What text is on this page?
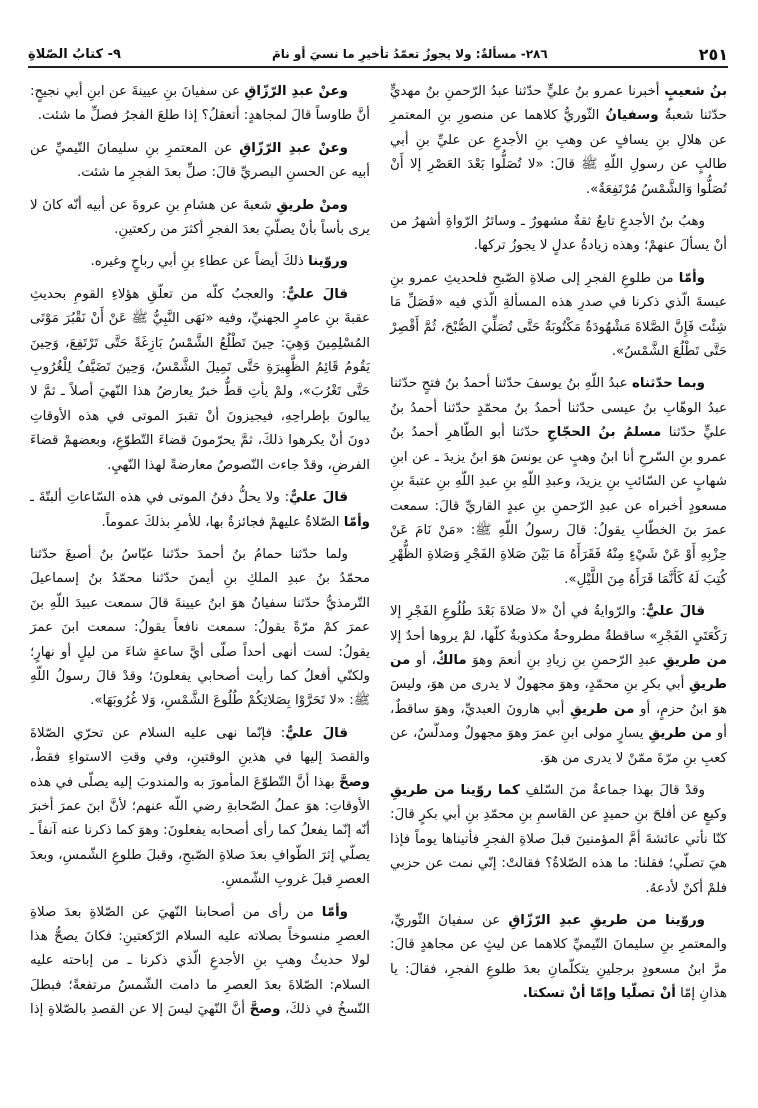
٢٥١
٢٨٦- مسألةٌ: ولا يجوزُ تعمّدُ تأخيرِ ما نسيَ أو نامَ
٩- كتابُ الصّلاةِ

بنُ شعيبٍ أخبرنا عمرو بنُ عليٍّ حدّثنا عبدُ الرّحمنِ بنُ مهديٍّ حدّثنا شعبةُ وسفيانُ الثّوريُّ كلاهما عن منصورِ بنِ المعتمرِ عن هلالِ بنِ يسافٍ عن وهبِ بنِ الأجدعِ عن عليِّ بنِ أبي طالبٍ عن رسولِ اللّهِ ﷺ قالَ: «لا تُصَلُّوا بَعْدَ العَصْرِ إلا أَنْ تُصَلُّوا وَالشَّمْسُ مُرْتَفِعَةٌ».

وهبُ بنُ الأجدعِ تابعٌ ثقةٌ مشهورٌ ـ وسائرُ الرّواةِ أشهرُ من أنْ يسألَ عنهمْ؛ وهذه زيادةُ عدلٍ لا يجوزُ تركها.

وأمّا من طلوعِ الفجرِ إلى صلاةِ الصّبحِ فلحديثِ عمرو بنِ عبسةَ الّذي ذكرنا في صدرِ هذه المسألةِ الّذي فيه «فَصَلِّ مَا شِئْتَ فَإِنَّ الصَّلاةَ مَشْهُودَةٌ مَكْتُوبَةٌ حَتَّى تُصَلِّيَ الصُّبْحَ، ثُمَّ أَقْصِرْ حَتَّى تَطْلُعَ الشَّمْسُ».

وبما حدّثناه عبدُ اللّهِ بنُ يوسفَ حدّثنا أحمدُ بنُ فتحٍ حدّثنا عبدُ الوهّابِ بنُ عيسى حدّثنا أحمدُ بنُ محمّدٍ حدّثنا أحمدُ بنُ عليٍّ حدّثنا مسلمُ بنُ الحجّاجِ حدّثنا أبو الطّاهرِ أحمدُ بنُ عمرو بنِ السّرحِ أنا ابنُ وهبٍ عن يونسَ هوَ ابنُ يزيدَ ـ عن ابنِ شهابٍ عن السّائبِ بنِ يزيدَ، وعبدِ اللّهِ بنِ عبدِ اللّهِ بنِ عتبةَ بنِ مسعودٍ أخبراه عن عبدِ الرّحمنِ بنِ عبدٍ القاريِّ قالَ: سمعت عمرَ بنَ الخطّابِ يقولُ: قالَ رسولُ اللّهِ ﷺ: «مَنْ نَامَ عَنْ حِزْبِهِ أَوْ عَنْ شَيْءٍ مِنْهُ فَقَرَأَهُ مَا بَيْنَ صَلاةِ الفَجْرِ وَصَلاةِ الظُّهْرِ كُتِبَ لَهُ كَأَنَّمَا قَرَأَهُ مِنَ اللَّيْلِ».

قالَ عليٌّ: والرّوايةُ في أنْ «لا صَلاةَ بَعْدَ طُلُوعِ الفَجْرِ إلا رَكْعَتَيِ الفَجْرِ» ساقطةٌ مطروحةٌ مكذوبةٌ كلّها، لمْ يروها أحدٌ إلا من طريقِ عبدِ الرّحمنِ بنِ زيادِ بنِ أنعمَ وهوَ مالكٌ، أو من طريقِ أبي بكرِ بنِ محمّدٍ، وهوَ مجهولٌ لا يدرى من هوَ، وليسَ هوَ ابنُ حزمٍ، أو من طريقِ أبي هارونَ العبديِّ، وهوَ ساقطٌ، أو من طريقِ يسارٍ مولى ابنِ عمرَ وهوَ مجهولٌ ومدلّسٌ، عن كعبِ بنِ مرّةَ ممّنْ لا يدرى من هوَ.

وقدْ قالَ بهذا جماعةٌ منَ السّلفِ كما روّينا من طريقِ وكيعٍ عن أفلحَ بنِ حميدٍ عن القاسمِ بنِ محمّدِ بنِ أبي بكرٍ قالَ: كنّا نأتي عائشةَ أمَّ المؤمنينَ قبلَ صلاةِ الفجرِ فأتيناها يوماً فإذا هيَ تصلّي؛ فقلنا: ما هذه الصّلاةُ؟ فقالتْ: إنّي نمت عن حزبي فلمْ أكنْ لأدعهُ.

وروّينا من طريقِ عبدِ الرّزّاقِ عن سفيانَ الثّوريِّ، والمعتمرِ بنِ سليمانَ التّيميِّ كلاهما عن ليثٍ عن مجاهدٍ قالَ: مرَّ ابنُ مسعودٍ برجلينِ يتكلّمانِ بعدَ طلوعِ الفجرِ، فقالَ: يا هذانِ إمّا أنْ تصلّيا وإمّا أنْ تسكتا.

وعنْ عبدِ الرّزّاقِ عن سفيانَ بنِ عيينةَ عن ابنِ أبي نجيحٍ: أنَّ طاوساً قالَ لمجاهدٍ: أتعقلُ؟ إذا طلعَ الفجرُ فصلِّ ما شئت.

وعنْ عبدِ الرّزّاقِ عن المعتمرِ بنِ سليمانَ التّيميِّ عن أبيه عن الحسنِ البصريِّ قالَ: صلِّ بعدَ الفجرِ ما شئت.

ومنْ طريقِ شعبةَ عن هشامِ بنِ عروةَ عن أبيه أنّه كانَ لا يرى بأساً بأنْ يصلّيَ بعدَ الفجرِ أكثرَ من ركعتينِ.

وروّينا ذلكَ أيضاً عن عطاءِ بنِ أبي رباحٍ وغيره.

قالَ عليٌّ: والعجبُ كلّه من تعلّقِ هؤلاءِ القومِ بحديثِ عقبةَ بنِ عامرٍ الجهنيِّ، وفيه «نَهَى النَّبِيُّ ﷺ عَنْ أَنْ نَقْبُرَ مَوْتَى المُسْلِمِينَ وَهِيَ: حِينَ تَطْلُعُ الشَّمْسُ بَازِغَةً حَتَّى تَرْتَفِعَ، وَحِينَ يَقُومُ قَائِمُ الظَّهِيرَةِ حَتَّى تَمِيلَ الشَّمْسُ، وَحِينَ تَضَيَّفُ لِلْغُرُوبِ حَتَّى تَغْرُبَ»، ولمْ يأتِ قطُّ خبرٌ يعارضُ هذا النّهيَ أصلاً ـ ثمَّ لا يبالونَ بإطراحِهِ، فيجيزونَ أنْ تقبرَ الموتى في هذه الأوقاتِ دونَ أنْ يكرهوا ذلكَ، ثمَّ يحرّمونَ قضاءَ التّطوّعِ، وبعضهمْ قضاءَ الفرضِ، وقدْ جاءت النّصوصُ معارضةً لهذا النّهيِ.

قالَ عليٌّ: ولا يحلُّ دفنُ الموتى في هذه السّاعاتِ ألبتّةَ ـ وأمّا الصّلاةُ عليهمْ فجائزةٌ بها، للأمرِ بذلكَ عموماً.

ولما حدّثنا حمامُ بنُ أحمدَ حدّثنا عبّاسُ بنُ أصبغَ حدّثنا محمّدُ بنُ عبدِ الملكِ بنِ أيمنَ حدّثنا محمّدُ بنُ إسماعيلَ التّرمذيُّ حدّثنا سفيانُ هوَ ابنُ عيينةَ قالَ سمعت عبيدَ اللّهِ بنَ عمرَ كمْ مرّةً يقولُ: سمعت نافعاً يقولُ: سمعت ابنَ عمرَ يقولُ: لست أنهى أحداً صلّى أيَّ ساعةٍ شاءَ من ليلٍ أو نهارٍ؛ ولكنّي أفعلُ كما رأيت أصحابي يفعلونَ؛ وقدْ قالَ رسولُ اللّهِ ﷺ: «لا تَحَرَّوْا بِصَلاتِكُمْ طُلُوعَ الشَّمْسِ، وَلا غُرُوبَهَا».

قالَ عليٌّ: فإنّما نهى عليه السلام عن تحرّي الصّلاةَ والقصدَ إليها في هذينِ الوقتينِ، وفي وقتِ الاستواءِ فقطْ، وصحَّ بهذا أنَّ التّطوّعَ المأمورَ به والمندوبَ إليه يصلّى في هذه الأوقاتِ: هوَ عملُ الصّحابةِ رضي اللّه عنهم؛ لأنَّ ابنَ عمرَ أخبرَ أنّه إنّما يفعلُ كما رأى أصحابه يفعلونَ: وهوَ كما ذكرنا عنه آنفاً ـ يصلّي إثرَ الطّوافِ بعدَ صلاةِ الصّبحِ، وقبلَ طلوعِ الشّمسِ، وبعدَ العصرِ قبلَ غروبِ الشّمسِ.

وأمّا من رأى من أصحابنا النّهيَ عن الصّلاةِ بعدَ صلاةِ العصرِ منسوخاً بصلاته عليه السلام الرّكعتينِ: فكانَ يصحُّ هذا لولا حديثُ وهبِ بنِ الأجدعِ الّذي ذكرنا ـ من إباحته عليه السلام: الصّلاةَ بعدَ العصرِ ما دامت الشّمسُ مرتفعةً؛ فبطلَ النّسخُ في ذلكَ، وصحَّ أنَّ النّهيَ ليسَ إلا عن القصدِ بالصّلاةِ إذا
